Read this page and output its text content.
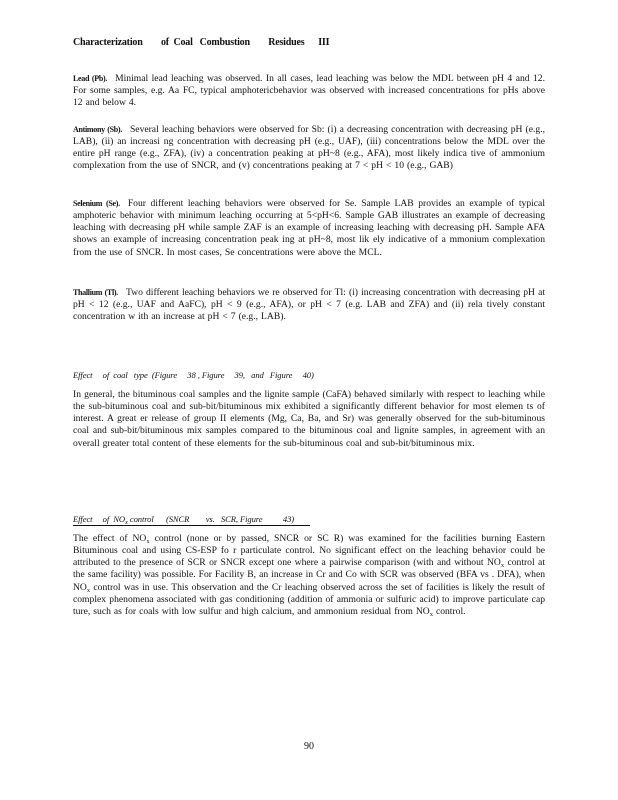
Characterization        of  Coal   Combustion        Residues      III
Lead (Pb). Minimal lead leaching was observed. In all cases, lead leaching was below the MDL between pH 4 and 12. For some samples, e.g. Aa FC, typical amphotericbehavior was observed with increased concentrations for pHs above 12 and below 4.
Antimony (Sb). Several leaching behaviors were observed for Sb: (i) a decreasing concentration with decreasing pH (e.g., LAB), (ii) an increasi ng concentration with decreasing pH (e.g., UAF), (iii) concentrations below the MDL over the entire pH range (e.g., ZFA), (iv) a concentration peaking at pH~8 (e.g., AFA), most likely indica tive of ammonium complexation from the use of SNCR, and (v) concentrations peaking at 7 < pH < 10 (e.g., GAB)
Selenium (Se). Four different leaching behaviors were observed for Se. Sample LAB provides an example of typical amphoteric behavior with minimum leaching occurring at 5<pH<6. Sample GAB illustrates an example of decreasing leaching with decreasing pH while sample ZAF is an example of increasing leaching with decreasing pH. Sample AFA shows an example of increasing concentration peak ing at pH~8, most lik ely indicative of a mmonium complexation from the use of SNCR. In most cases, Se concentrations were above the MCL.
Thallium (Tl). Two different leaching behaviors we re observed for Tl: (i) increasing concentration with decreasing pH at pH < 12 (e.g., UAF and AaFC), pH < 9 (e.g., AFA), or pH < 7 (e.g. LAB and ZFA) and (ii) rela tively constant concentration w ith an increase at pH < 7 (e.g., LAB).
Effect     of  coal   type  (Figure     38 , Figure     39,   and   Figure     40)
In general, the bituminous coal samples and the lignite sample (CaFA) behaved similarly with respect to leaching while the sub-bituminous coal and sub-bit/bituminous mix exhibited a significantly different behavior for most elemen ts of interest. A great er release of group II elements (Mg, Ca, Ba, and Sr) was generally observed for the sub-bituminous coal and sub-bit/bituminous mix samples compared to the bituminous coal and lignite samples, in agreement with an overall greater total content of these elements for the sub-bituminous coal and sub-bit/bituminous mix.
Effect     of  $NO_x$ control      (SNCR        vs.   SCR, Figure          43)
The effect of $NO_x$ control (none or by passed, SNCR or SC R) was examined for the facilities burning Eastern Bituminous coal and using CS-ESP fo r particulate control. No significant effect on the leaching behavior could be attributed to the presence of SCR or SNCR except one where a pairwise comparison (with and without $NO_x$ control at the same facility) was possible. For Facility B, an increase in Cr and Co with SCR was observed (BFA vs . DFA), when $NO_x$ control was in use. This observation and the Cr leaching observed across the set of facilities is likely the result of complex phenomena associated with gas conditioning (addition of ammonia or sulfuric acid) to improve particulate cap ture, such as for coals with low sulfur and high calcium, and ammonium residual from $NO_x$ control.
90
